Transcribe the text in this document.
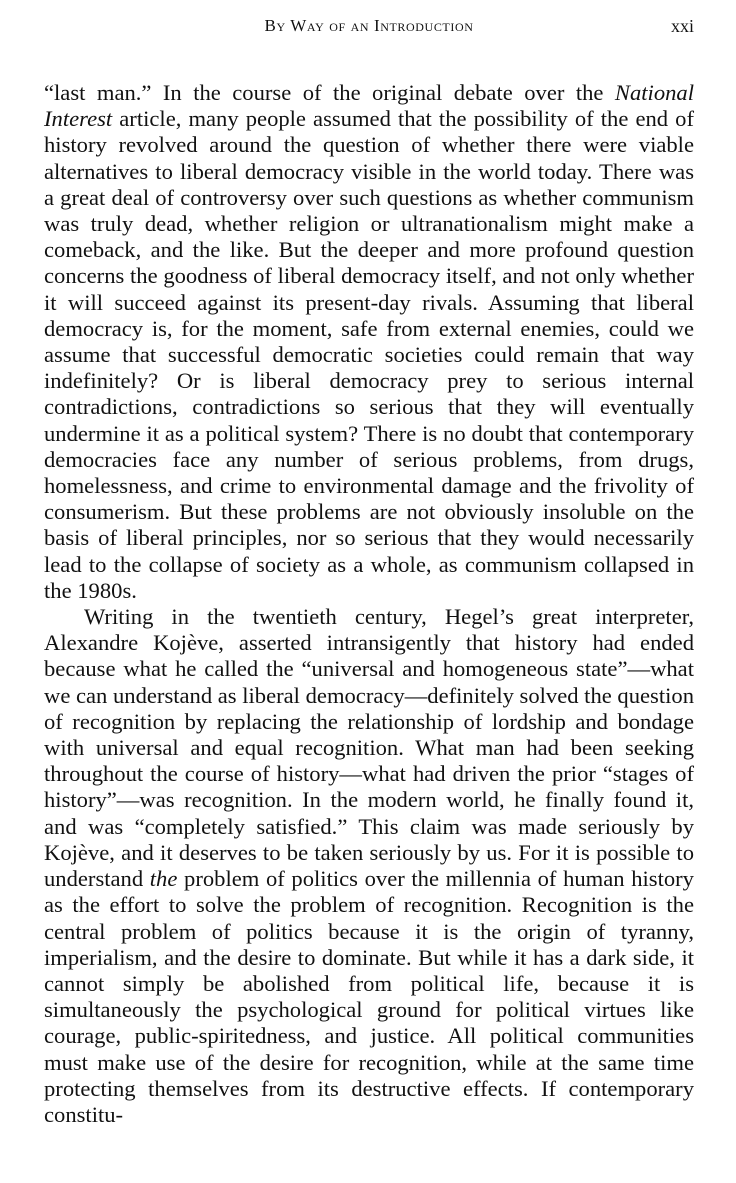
By Way of an Introduction	xxi

“last man.” In the course of the original debate over the National Interest article, many people assumed that the possibility of the end of history revolved around the question of whether there were viable alternatives to liberal democracy visible in the world today. There was a great deal of controversy over such questions as whether communism was truly dead, whether religion or ultranationalism might make a comeback, and the like. But the deeper and more profound question concerns the goodness of liberal democracy itself, and not only whether it will succeed against its present-day rivals. Assuming that liberal democracy is, for the moment, safe from external enemies, could we assume that successful democratic societies could remain that way indefinitely? Or is liberal democracy prey to serious internal contradictions, contradictions so serious that they will eventually undermine it as a political system? There is no doubt that contemporary democracies face any number of serious problems, from drugs, homelessness, and crime to environmental damage and the frivolity of consumerism. But these problems are not obviously insoluble on the basis of liberal principles, nor so serious that they would necessarily lead to the collapse of society as a whole, as communism collapsed in the 1980s.

Writing in the twentieth century, Hegel’s great interpreter, Alexandre Kojève, asserted intransigently that history had ended because what he called the “universal and homogeneous state”—what we can understand as liberal democracy—definitely solved the question of recognition by replacing the relationship of lordship and bondage with universal and equal recognition. What man had been seeking throughout the course of history—what had driven the prior “stages of history”—was recognition. In the modern world, he finally found it, and was “completely satisfied.” This claim was made seriously by Kojève, and it deserves to be taken seriously by us. For it is possible to understand the problem of politics over the millennia of human history as the effort to solve the problem of recognition. Recognition is the central problem of politics because it is the origin of tyranny, imperialism, and the desire to dominate. But while it has a dark side, it cannot simply be abolished from political life, because it is simultaneously the psychological ground for political virtues like courage, public-spiritedness, and justice. All political communities must make use of the desire for recognition, while at the same time protecting themselves from its destructive effects. If contemporary constitu-
